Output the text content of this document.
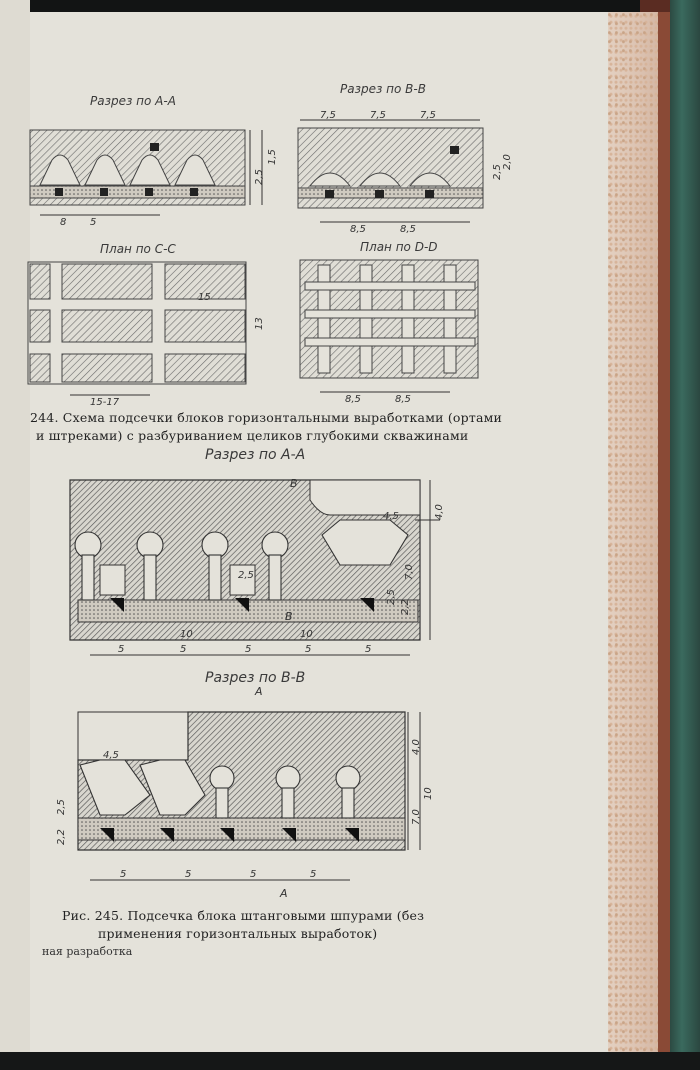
Разрез по А-А
Разрез по В-В
План по С-С	План по D-D
5
8
2,5
1,5
7,5	7,5	7,5
8,5	8,5
2,5
2,0
15-17
13
15
8,5	8,5
244. Схема подсечки блоков горизонтальными выработками (ортами
и штреками) с разбуриванием целиков глубокими скважинами
Разрез по А-А
Разрез по В-В
4,0
7,0
2,5
2,2
4,5
10	10
5	5	5	5	5
2,5
B
B
4,0
10
7,0
2,5
2,2
4,5
5	5	5	5
А
А
Рис. 245. Подсечка блока штанговыми шпурами (без
применения горизонтальных выработок)
ная разработка
